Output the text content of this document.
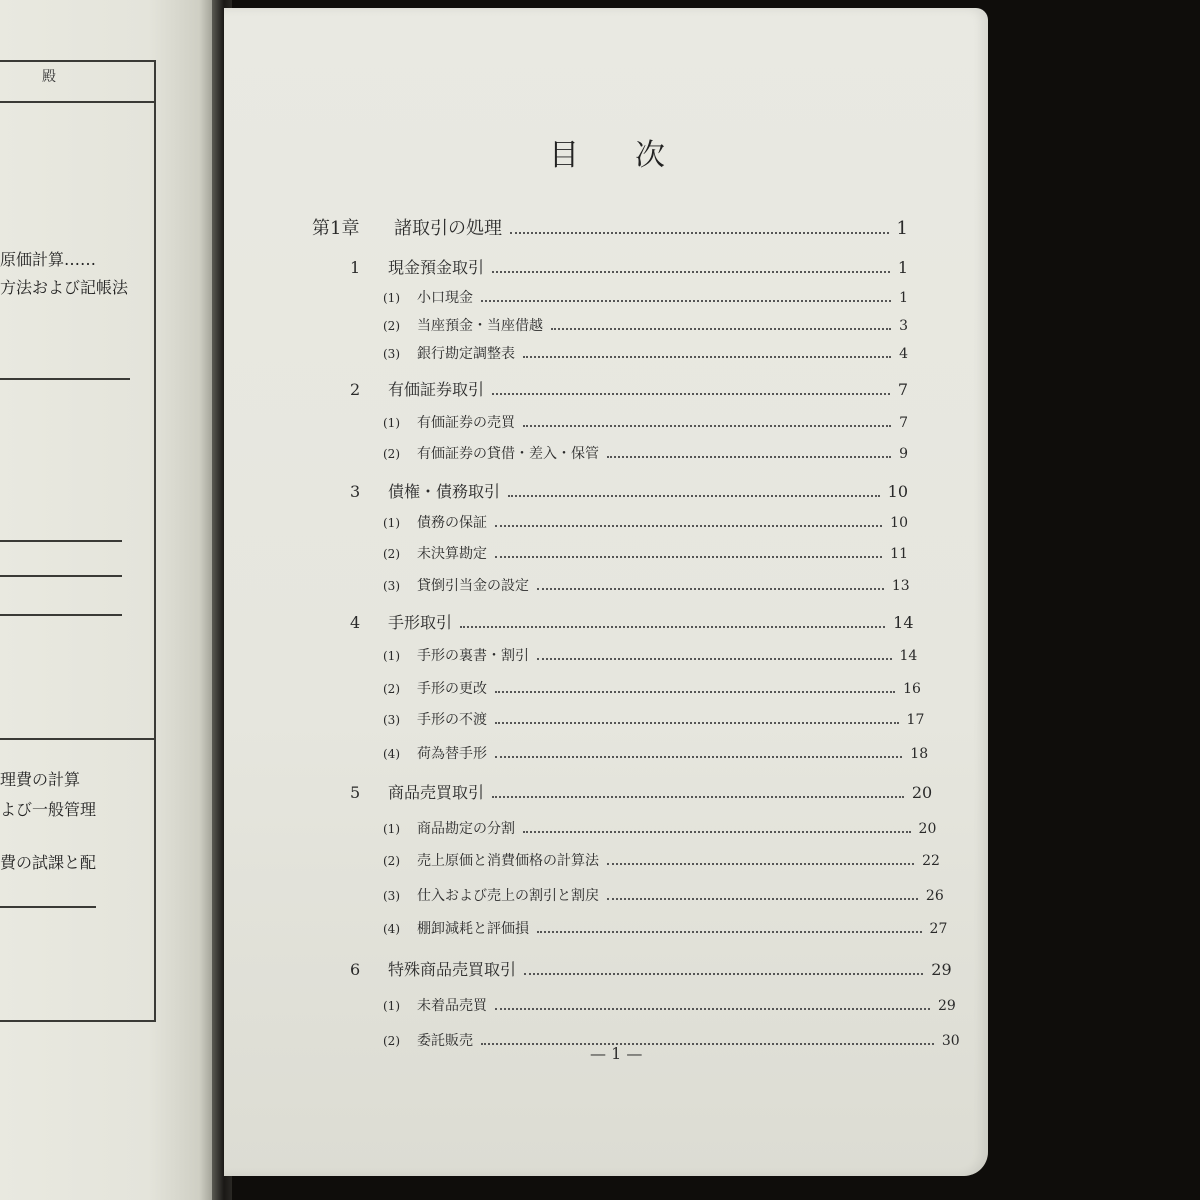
殿
原価計算……
方法および記帳法
理費の計算
よび一般管理
費の試課と配
目次
第1章	諸取引の処理	1
1	現金預金取引	1
(1)	小口現金	1
(2)	当座預金・当座借越	3
(3)	銀行勘定調整表	4
2	有価証券取引	7
(1)	有価証券の売買	7
(2)	有価証券の貸借・差入・保管	9
3	債権・債務取引	10
(1)	債務の保証	10
(2)	未決算勘定	11
(3)	貸倒引当金の設定	13
4	手形取引	14
(1)	手形の裏書・割引	14
(2)	手形の更改	16
(3)	手形の不渡	17
(4)	荷為替手形	18
5	商品売買取引	20
(1)	商品勘定の分割	20
(2)	売上原価と消費価格の計算法	22
(3)	仕入および売上の割引と割戻	26
(4)	棚卸減耗と評価損	27
6	特殊商品売買取引	29
(1)	未着品売買	29
(2)	委託販売	30
— 1 —
